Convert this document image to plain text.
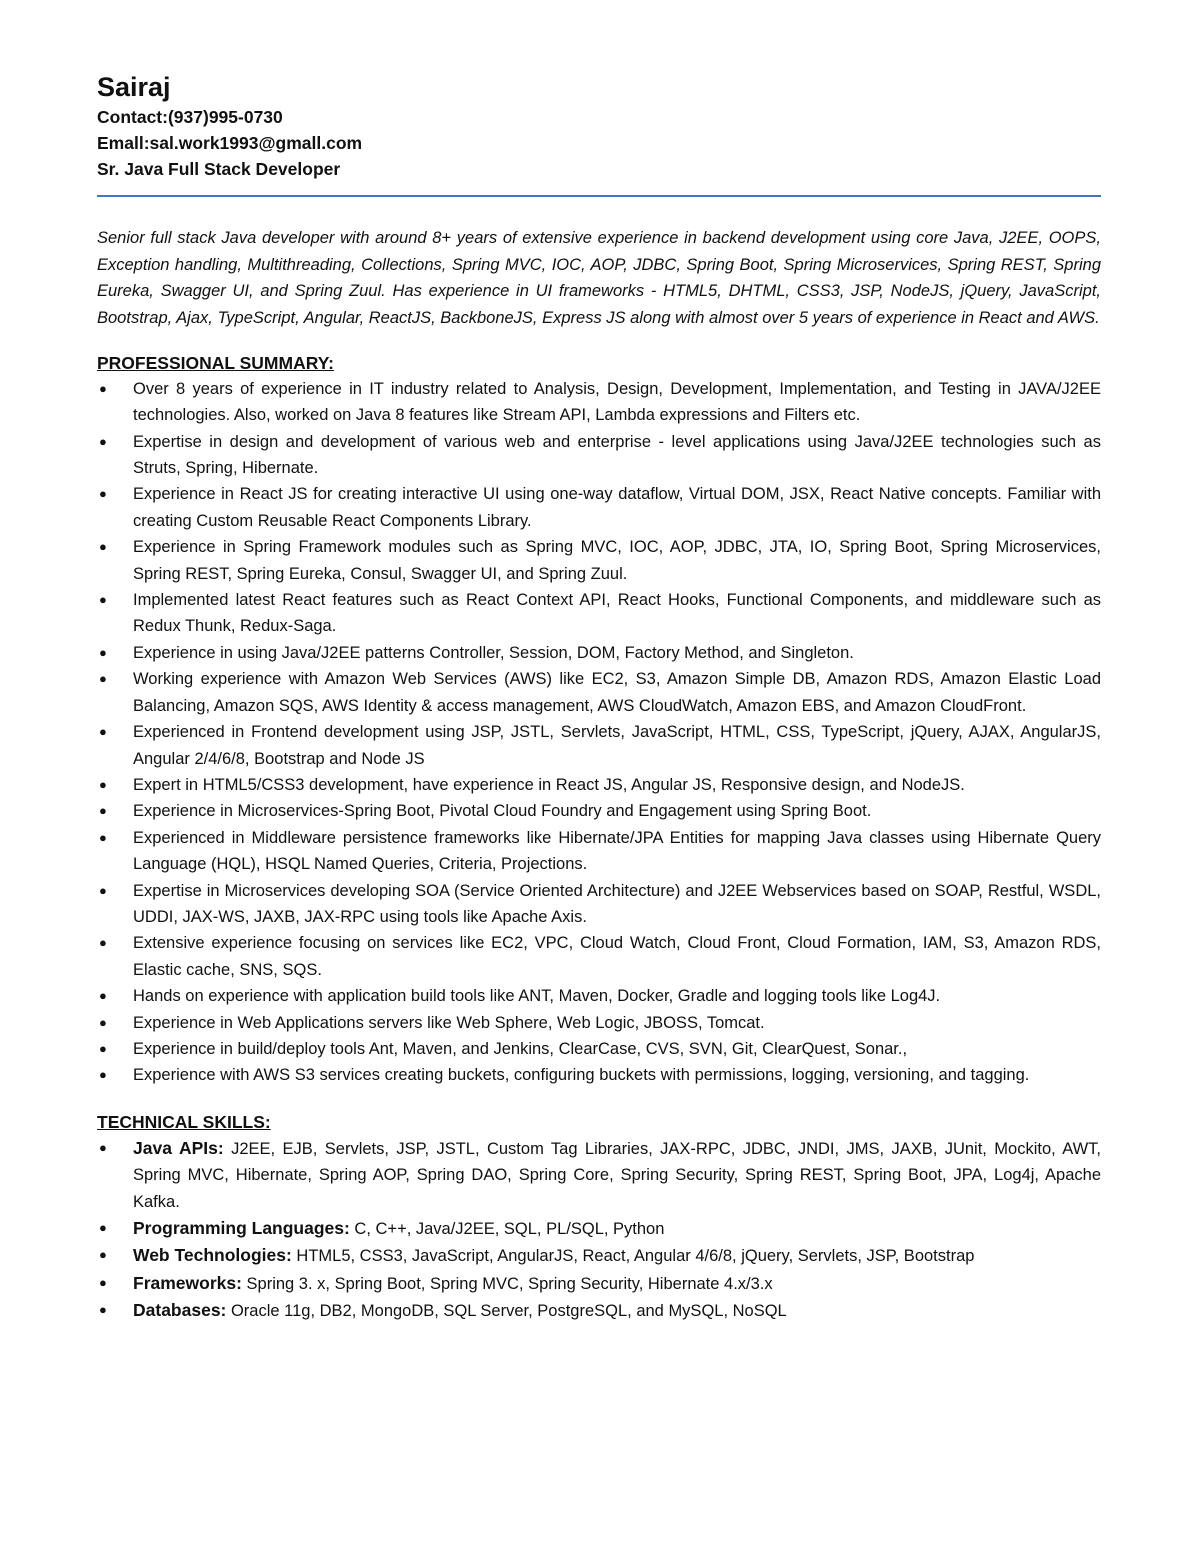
Sairaj

Contact:(937)995-0730

Emall:sal.work1993@gmall.com

Sr. Java Full Stack Developer

Senior full stack Java developer with around 8+ years of extensive experience in backend development using core Java, J2EE, OOPS, Exception handling, Multithreading, Collections, Spring MVC, IOC, AOP, JDBC, Spring Boot, Spring Microservices, Spring REST, Spring Eureka, Swagger UI, and Spring Zuul. Has experience in UI frameworks - HTML5, DHTML, CSS3, JSP, NodeJS, jQuery, JavaScript, Bootstrap, Ajax, TypeScript, Angular, ReactJS, BackboneJS, Express JS along with almost over 5 years of experience in React and AWS.

PROFESSIONAL SUMMARY:
● Over 8 years of experience in IT industry related to Analysis, Design, Development, Implementation, and Testing in JAVA/J2EE technologies. Also, worked on Java 8 features like Stream API, Lambda expressions and Filters etc.
● Expertise in design and development of various web and enterprise - level applications using Java/J2EE technologies such as Struts, Spring, Hibernate.
● Experience in React JS for creating interactive UI using one-way dataflow, Virtual DOM, JSX, React Native concepts. Familiar with creating Custom Reusable React Components Library.
● Experience in Spring Framework modules such as Spring MVC, IOC, AOP, JDBC, JTA, IO, Spring Boot, Spring Microservices, Spring REST, Spring Eureka, Consul, Swagger UI, and Spring Zuul.
● Implemented latest React features such as React Context API, React Hooks, Functional Components, and middleware such as Redux Thunk, Redux-Saga.
● Experience in using Java/J2EE patterns Controller, Session, DOM, Factory Method, and Singleton.
● Working experience with Amazon Web Services (AWS) like EC2, S3, Amazon Simple DB, Amazon RDS, Amazon Elastic Load Balancing, Amazon SQS, AWS Identity & access management, AWS CloudWatch, Amazon EBS, and Amazon CloudFront.
● Experienced in Frontend development using JSP, JSTL, Servlets, JavaScript, HTML, CSS, TypeScript, jQuery, AJAX, AngularJS, Angular 2/4/6/8, Bootstrap and Node JS
● Expert in HTML5/CSS3 development, have experience in React JS, Angular JS, Responsive design, and NodeJS.
● Experience in Microservices-Spring Boot, Pivotal Cloud Foundry and Engagement using Spring Boot.
● Experienced in Middleware persistence frameworks like Hibernate/JPA Entities for mapping Java classes using Hibernate Query Language (HQL), HSQL Named Queries, Criteria, Projections.
● Expertise in Microservices developing SOA (Service Oriented Architecture) and J2EE Webservices based on SOAP, Restful, WSDL, UDDI, JAX-WS, JAXB, JAX-RPC using tools like Apache Axis.
● Extensive experience focusing on services like EC2, VPC, Cloud Watch, Cloud Front, Cloud Formation, IAM, S3, Amazon RDS, Elastic cache, SNS, SQS.
● Hands on experience with application build tools like ANT, Maven, Docker, Gradle and logging tools like Log4J.
● Experience in Web Applications servers like Web Sphere, Web Logic, JBOSS, Tomcat.
● Experience in build/deploy tools Ant, Maven, and Jenkins, ClearCase, CVS, SVN, Git, ClearQuest, Sonar.,
● Experience with AWS S3 services creating buckets, configuring buckets with permissions, logging, versioning, and tagging.
TECHNICAL SKILLS:
● Java APIs: J2EE, EJB, Servlets, JSP, JSTL, Custom Tag Libraries, JAX-RPC, JDBC, JNDI, JMS, JAXB, JUnit, Mockito, AWT, Spring MVC, Hibernate, Spring AOP, Spring DAO, Spring Core, Spring Security, Spring REST, Spring Boot, JPA, Log4j, Apache Kafka.
● Programming Languages: C, C++, Java/J2EE, SQL, PL/SQL, Python
● Web Technologies: HTML5, CSS3, JavaScript, AngularJS, React, Angular 4/6/8, jQuery, Servlets, JSP, Bootstrap
● Frameworks: Spring 3. x, Spring Boot, Spring MVC, Spring Security, Hibernate 4.x/3.x
● Databases: Oracle 11g, DB2, MongoDB, SQL Server, PostgreSQL, and MySQL, NoSQL
